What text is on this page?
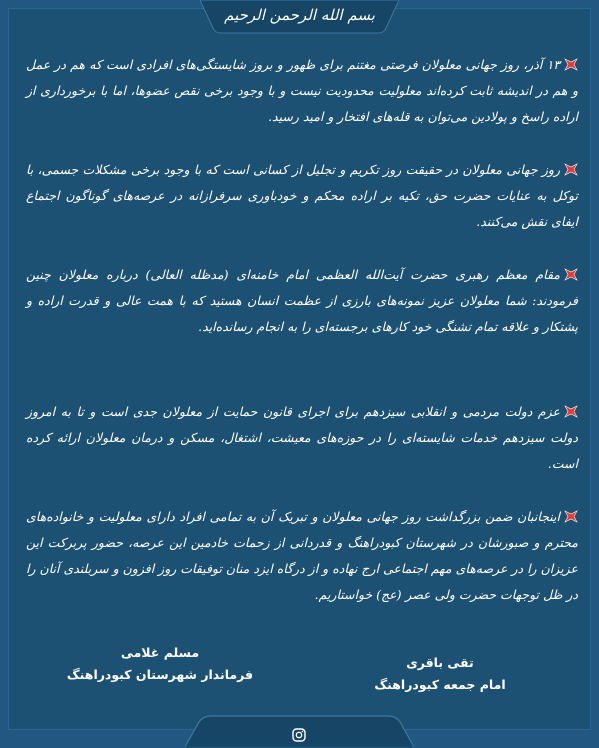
بسم الله الرحمن الرحیم
۱۳ آذر، روز جهانی معلولان فرصتی مغتنم برای ظهور و بروز شایستگی‌های افرادی است که هم در عمل و هم در اندیشه ثابت کرده‌اند معلولیت محدودیت نیست و با وجود برخی نقص عضوها، اما با برخورداری از اراده راسخ و پولادین می‌توان به قله‌های افتخار و امید رسید.
روز جهانی معلولان در حقیقت روز تکریم و تجلیل از کسانی است که با وجود برخی مشکلات جسمی، با توکل به عنایات حضرت حق، تکیه بر اراده محکم و خودباوری سرفرازانه در عرصه‌های گوناگون اجتماع ایفای نقش می‌کنند.
مقام معظم رهبری حضرت آیت‌الله العظمی امام خامنه‌ای (مدظله العالی) درباره معلولان چنین فرمودند: شما معلولان عزیز نمونه‌های بارزی از عظمت انسان هستید که با همت عالی و قدرت اراده و پشتکار و علاقه تمام تشنگی خود کارهای برجسته‌ای را به انجام رسانده‌اید.
عزم دولت مردمی و انقلابی سیزدهم برای اجرای قانون حمایت از معلولان جدی است و تا به امروز دولت سیزدهم خدمات شایسته‌ای را در حوزه‌های معیشت، اشتغال، مسکن و درمان معلولان ارائه کرده است.
اینجانبان ضمن بزرگداشت روز جهانی معلولان و تبریک آن به تمامی افراد دارای معلولیت و خانواده‌های محترم و صبورشان در شهرستان کبودراهنگ و قدردانی از زحمات خادمین این عرصه، حضور پربرکت این عزیزان را در عرصه‌های مهم اجتماعی ارج نهاده و از درگاه ایزد منان توفیقات روز افزون و سربلندی آنان را در ظل توجهات حضرت ولی عصر (عج) خواستاریم.
مسلم غلامی
فرماندار شهرستان کبودراهنگ
تقی باقری
امام جمعه کبودراهنگ
